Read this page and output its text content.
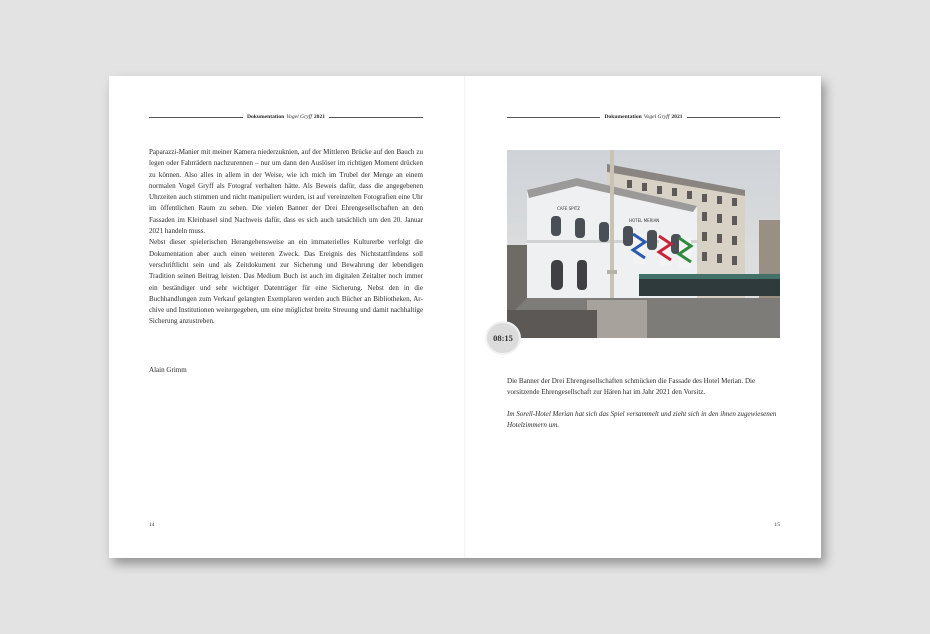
Dokumentation Vogel Gryff 2021

Paparazzi-Manier mit meiner Kamera niederzuknien, auf der Mittleren Brücke auf den Bauch zu legen oder Fahrrädern nachzurennen – nur um dann den Auslöser im richtigen Moment drücken zu können. Also alles in allem in der Weise, wie ich mich im Trubel der Menge an einem normalen Vogel Gryff als Fotograf verhalten hätte. Als Beweis dafür, dass die angegebenen Uhrzeiten auch stimmen und nicht manipuliert wurden, ist auf vereinzelten Fotografien eine Uhr im öffentlichen Raum zu sehen. Die vielen Banner der Drei Ehrengesellschaften an den Fassaden im Kleinbasel sind Nachweis dafür, dass es sich auch tatsächlich um den 20. Januar 2021 handeln muss.

Nebst dieser spielerischen Herangehensweise an ein immaterielles Kulturerbe verfolgt die Dokumentation aber auch einen weiteren Zweck. Das Ereignis des Nichtstattfindens soll verschriftlicht sein und als Zeitdokument zur Sicherung und Bewahrung der lebendigen Tradition seinen Beitrag leisten. Das Medium Buch ist auch im digitalen Zeitalter noch immer ein beständiger und sehr wichtiger Datenträger für eine Sicherung. Nebst den in die Buchhandlungen zum Verkauf gelangten Exemplaren werden auch Bücher an Bibliotheken, Archive und Institutionen weitergegeben, um eine möglichst breite Streuung und damit nachhaltige Sicherung anzustreben.

Alain Grimm
14
Dokumentation Vogel Gryff 2021
CAFE SPITZ
HOTEL MERIAN
08:15

Die Banner der Drei Ehrengesellschaften schmücken die Fassade des Hotel Merian. Die vorsitzende Ehrengesellschaft zur Hären hat im Jahr 2021 den Vorsitz.

Im Sorell-Hotel Merian hat sich das Spiel versammelt und zieht sich in den ihnen zugewiesenen Hotelzimmern um.

15
